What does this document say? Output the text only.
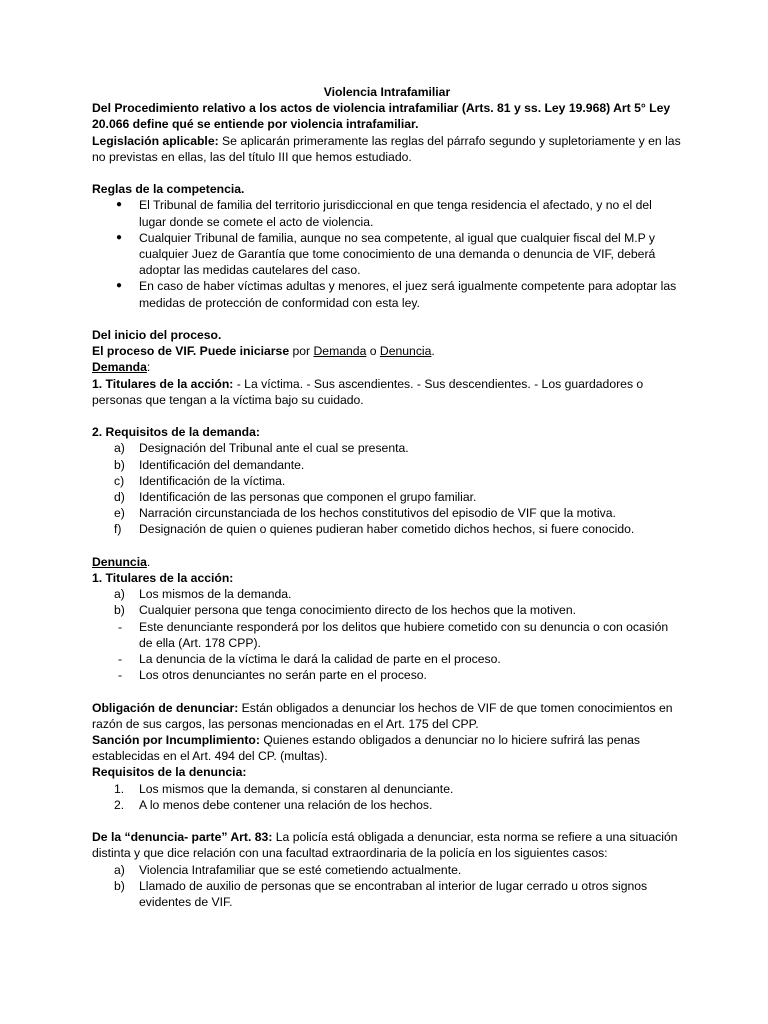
Violencia Intrafamiliar

Del Procedimiento relativo a los actos de violencia intrafamiliar (Arts. 81 y ss. Ley 19.968) Art 5° Ley 20.066 define qué se entiende por violencia intrafamiliar.

Legislación aplicable: Se aplicarán primeramente las reglas del párrafo segundo y supletoriamente y en las no previstas en ellas, las del título III que hemos estudiado.

Reglas de la competencia.

● El Tribunal de familia del territorio jurisdiccional en que tenga residencia el afectado, y no el del lugar donde se comete el acto de violencia.

● Cualquier Tribunal de familia, aunque no sea competente, al igual que cualquier fiscal del M.P y cualquier Juez de Garantía que tome conocimiento de una demanda o denuncia de VIF, deberá adoptar las medidas cautelares del caso.

● En caso de haber víctimas adultas y menores, el juez será igualmente competente para adoptar las medidas de protección de conformidad con esta ley.

Del inicio del proceso.

El proceso de VIF. Puede iniciarse por Demanda o Denuncia.

Demanda:

1. Titulares de la acción: - La víctima. - Sus ascendientes. - Sus descendientes. - Los guardadores o personas que tengan a la víctima bajo su cuidado.

2. Requisitos de la demanda:

a) Designación del Tribunal ante el cual se presenta.

b) Identificación del demandante.

c) Identificación de la víctima.

d) Identificación de las personas que componen el grupo familiar.

e) Narración circunstanciada de los hechos constitutivos del episodio de VIF que la motiva.

f) Designación de quien o quienes pudieran haber cometido dichos hechos, si fuere conocido.

Denuncia.

1. Titulares de la acción:

a) Los mismos de la demanda.

b) Cualquier persona que tenga conocimiento directo de los hechos que la motiven.

- Este denunciante responderá por los delitos que hubiere cometido con su denuncia o con ocasión de ella (Art. 178 CPP).

- La denuncia de la víctima le dará la calidad de parte en el proceso.

- Los otros denunciantes no serán parte en el proceso.

Obligación de denunciar: Están obligados a denunciar los hechos de VIF de que tomen conocimientos en razón de sus cargos, las personas mencionadas en el Art. 175 del CPP.

Sanción por Incumplimiento: Quienes estando obligados a denunciar no lo hiciere sufrirá las penas establecidas en el Art. 494 del CP. (multas).

Requisitos de la denuncia:

1. Los mismos que la demanda, si constaren al denunciante.

2. A lo menos debe contener una relación de los hechos.

De la “denuncia- parte” Art. 83: La policía está obligada a denunciar, esta norma se refiere a una situación distinta y que dice relación con una facultad extraordinaria de la policía en los siguientes casos:

a) Violencia Intrafamiliar que se esté cometiendo actualmente.

b) Llamado de auxilio de personas que se encontraban al interior de lugar cerrado u otros signos evidentes de VIF.
